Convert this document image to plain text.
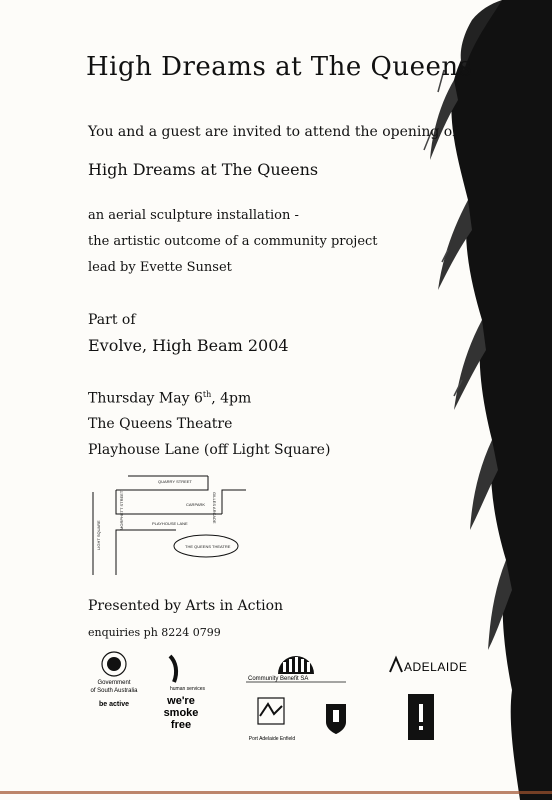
High Dreams at The Queens
You and a guest are invited to attend the opening of
High Dreams at The Queens
an aerial sculpture installation -
the artistic outcome of a community project
lead by Evette Sunset
Part of
Evolve, High Beam 2004
Thursday May 6th, 4pm
The Queens Theatre
Playhouse Lane (off Light Square)
QUARRY STREET
CARPARK
PLAYHOUSE LANE
THE QUEENS THEATRE
LIGHT SQUARE
MORPHETT STREET	GILLES ARCADE
Presented by Arts in Action
enquiries ph 8224 0799
Government
of South Australia
be active
human services
we're
smoke
free
Community Benefit SA
Port Adelaide Enfield
ADELAIDE
